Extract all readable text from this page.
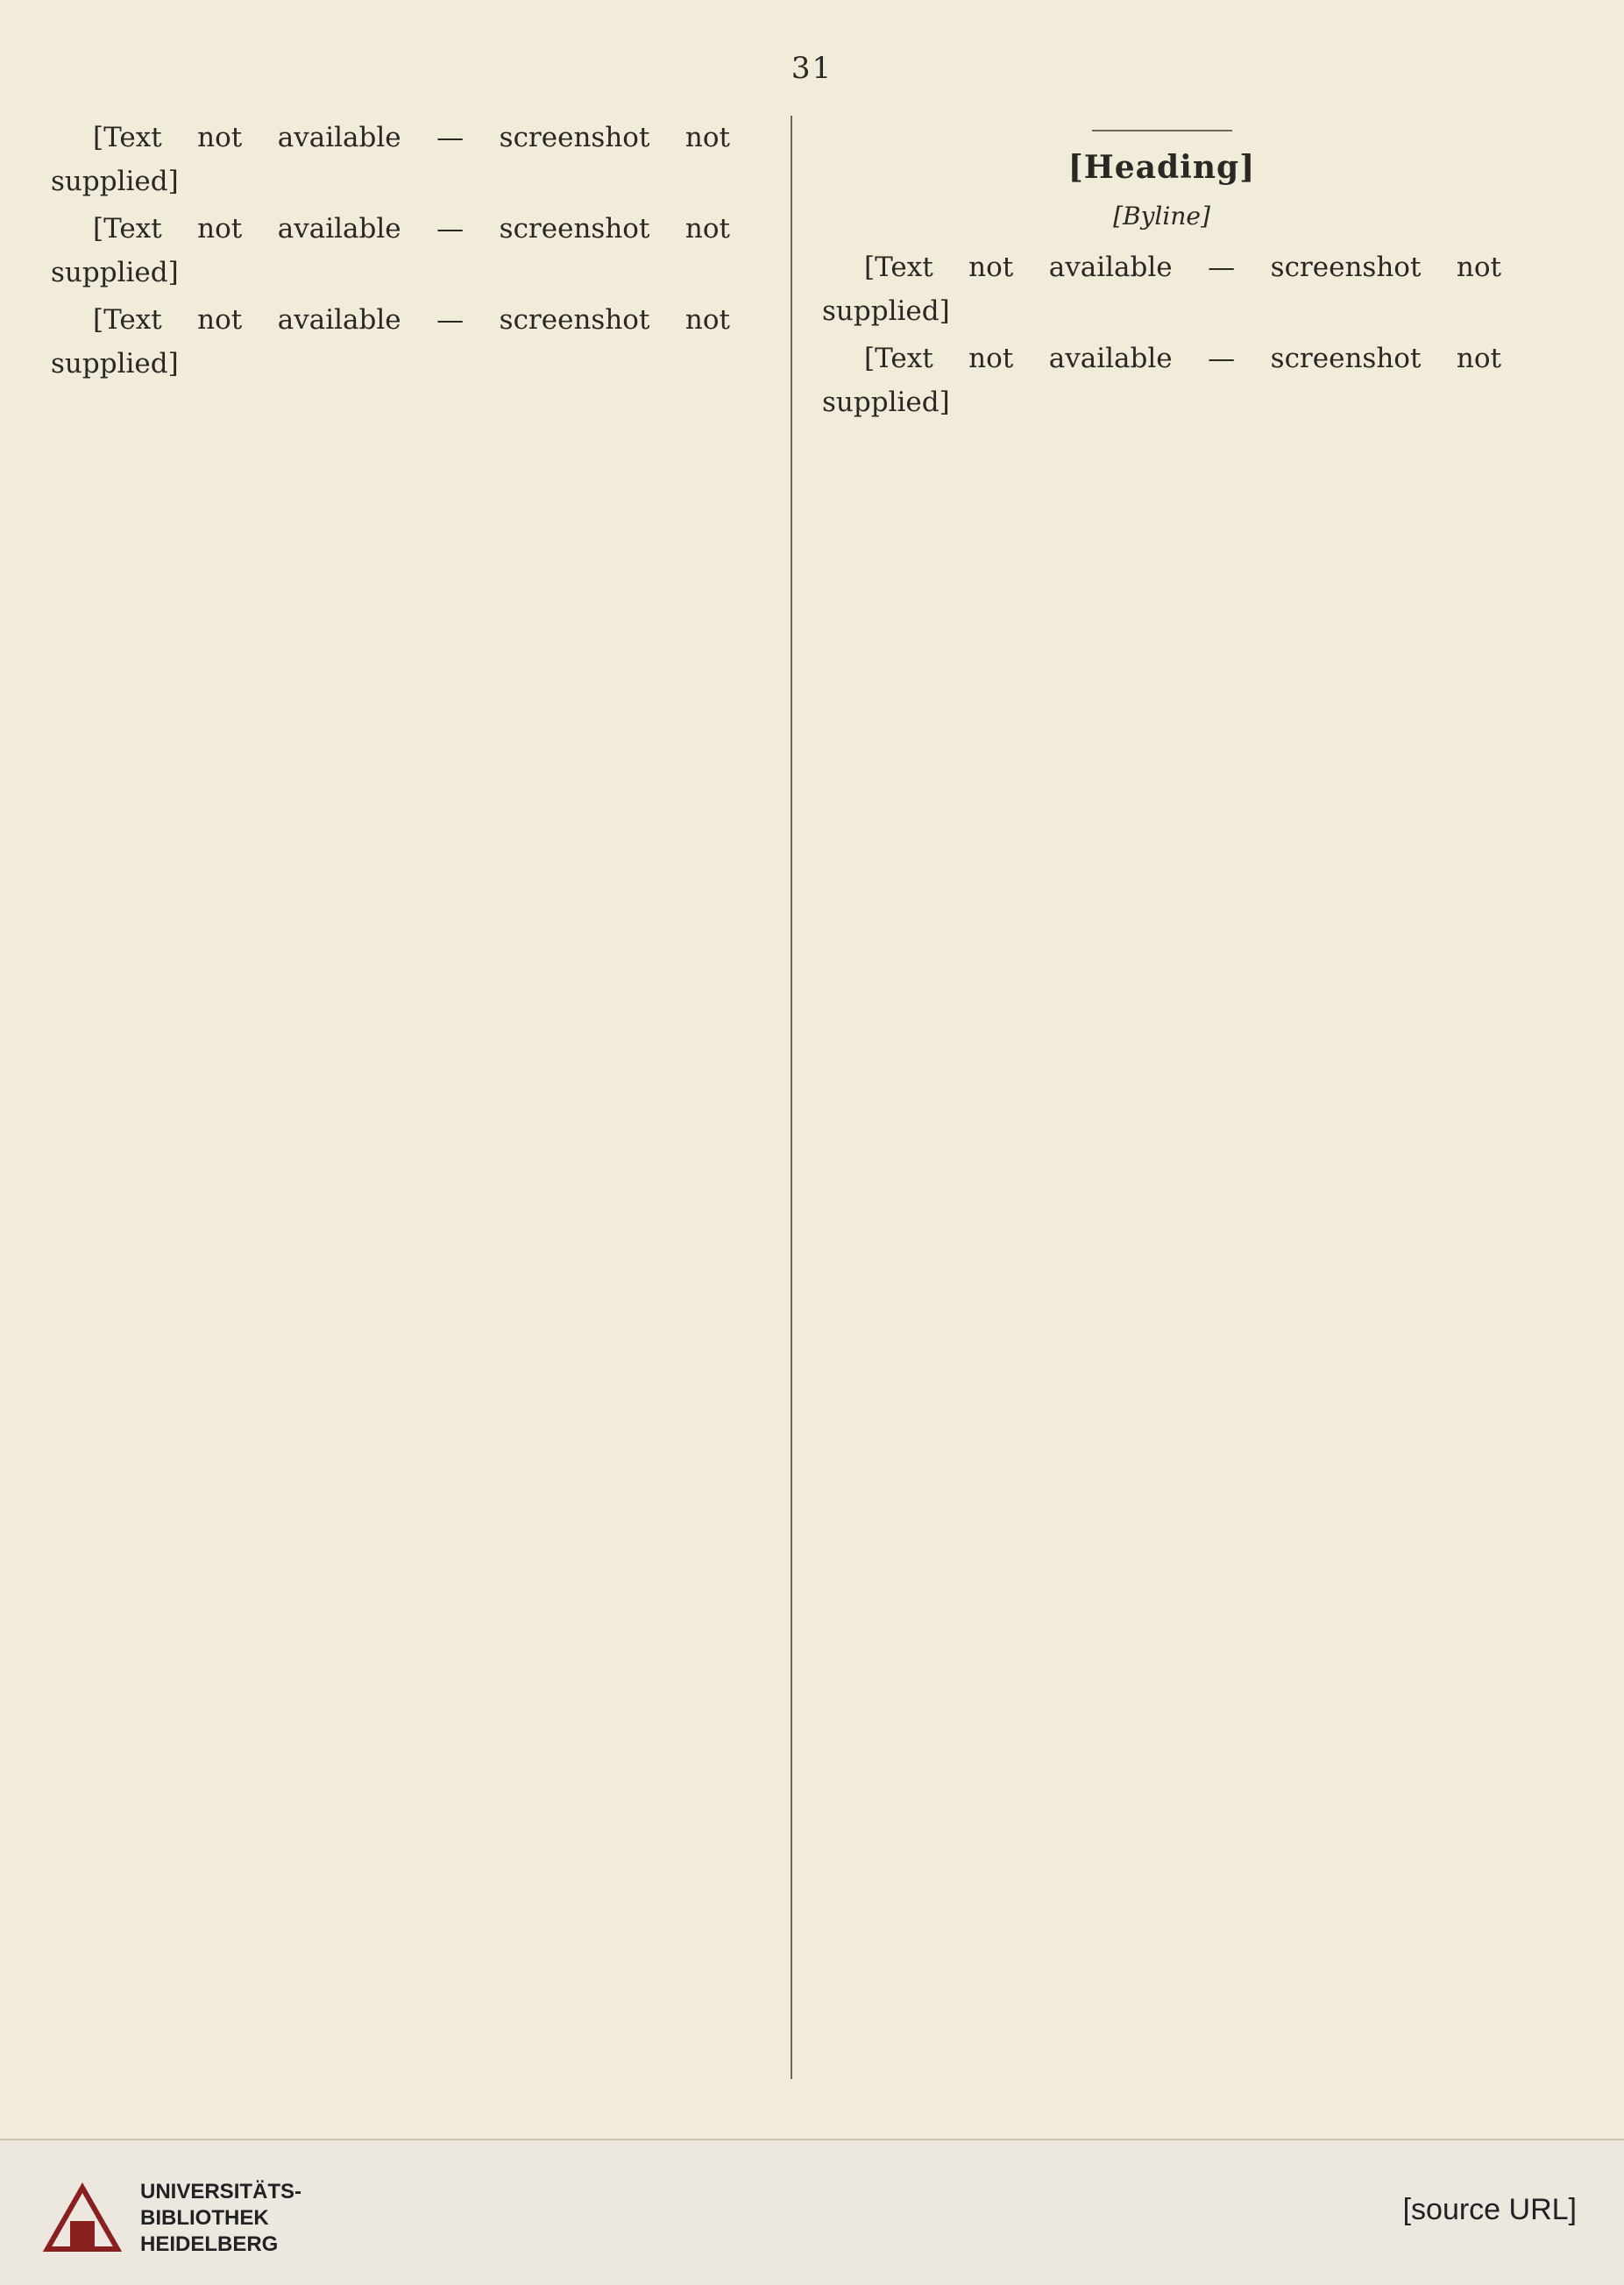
31

[Text not available — screenshot not supplied]

[Text not available — screenshot not supplied]

[Text not available — screenshot not supplied]

[Heading]
[Byline]

[Text not available — screenshot not supplied]

[Text not available — screenshot not supplied]

UNIVERSITÄTS-
BIBLIOTHEK
HEIDELBERG
[source URL]
